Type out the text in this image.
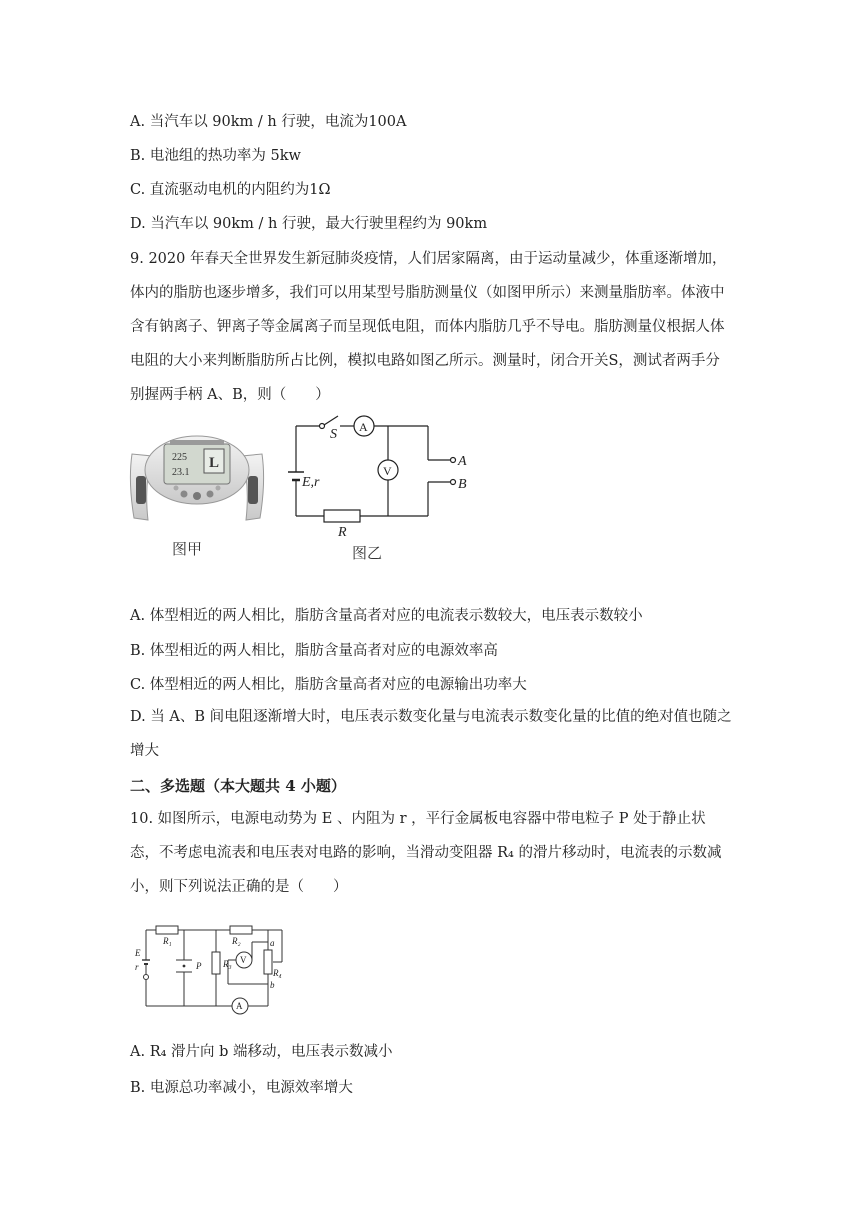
A. 当汽车以 90km / h 行驶，电流为100A
B. 电池组的热功率为 5kw
C. 直流驱动电机的内阻约为1Ω
D. 当汽车以 90km / h 行驶，最大行驶里程约为 90km
9. 2020 年春天全世界发生新冠肺炎疫情，人们居家隔离，由于运动量减少，体重逐渐增加，体内的脂肪也逐步增多，我们可以用某型号脂肪测量仪（如图甲所示）来测量脂肪率。体液中含有钠离子、钾离子等金属离子而呈现低电阻，而体内脂肪几乎不导电。脂肪测量仪根据人体电阻的大小来判断脂肪所占比例，模拟电路如图乙所示。测量时，闭合开关S，测试者两手分别握两手柄 A、B，则（　　）
225
23.1
L
图甲
S A
V
E,r
R
A
B
图乙
A. 体型相近的两人相比，脂肪含量高者对应的电流表示数较大，电压表示数较小
B. 体型相近的两人相比，脂肪含量高者对应的电源效率高
C. 体型相近的两人相比，脂肪含量高者对应的电源输出功率大
D. 当 A、B 间电阻逐渐增大时，电压表示数变化量与电流表示数变化量的比值的绝对值也随之增大
二、多选题（本大题共 4 小题）
10. 如图所示，电源电动势为 E 、内阻为 r ，平行金属板电容器中带电粒子 P 处于静止状态，不考虑电流表和电压表对电路的影响，当滑动变阻器 R₄ 的滑片移动时，电流表的示数减小，则下列说法正确的是（　　）
R₁	R₂
R₃
R₄
E
r	P
a
b
V
A
A. R₄ 滑片向 b 端移动，电压表示数减小
B. 电源总功率减小，电源效率增大
